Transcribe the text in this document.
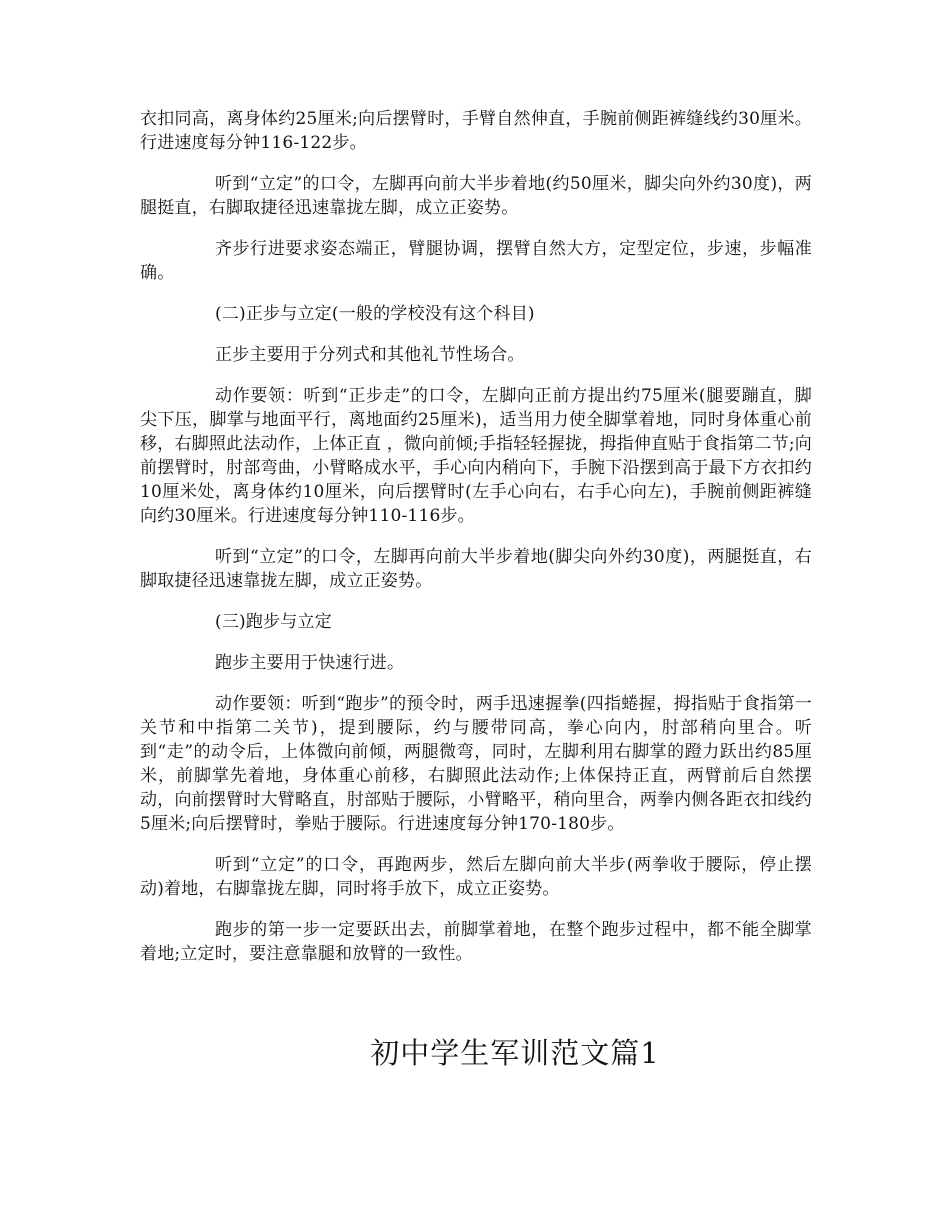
衣扣同高，离身体约25厘米;向后摆臂时，手臂自然伸直，手腕前侧距裤缝线约30厘米。行进速度每分钟116-122步。

听到“立定”的口令，左脚再向前大半步着地(约50厘米，脚尖向外约30度)，两腿挺直，右脚取捷径迅速靠拢左脚，成立正姿势。

齐步行进要求姿态端正，臂腿协调，摆臂自然大方，定型定位，步速，步幅准确。

(二)正步与立定(一般的学校没有这个科目)

正步主要用于分列式和其他礼节性场合。

动作要领：听到“正步走”的口令，左脚向正前方提出约75厘米(腿要蹦直，脚尖下压，脚掌与地面平行，离地面约25厘米)，适当用力使全脚掌着地，同时身体重心前移，右脚照此法动作，上体正直 ，微向前倾;手指轻轻握拢，拇指伸直贴于食指第二节;向前摆臂时，肘部弯曲，小臂略成水平，手心向内稍向下，手腕下沿摆到高于最下方衣扣约10厘米处，离身体约10厘米，向后摆臂时(左手心向右，右手心向左)，手腕前侧距裤缝向约30厘米。行进速度每分钟110-116步。

听到“立定”的口令，左脚再向前大半步着地(脚尖向外约30度)，两腿挺直，右脚取捷径迅速靠拢左脚，成立正姿势。

(三)跑步与立定

跑步主要用于快速行进。

动作要领：听到“跑步”的预令时，两手迅速握拳(四指蜷握，拇指贴于食指第一关节和中指第二关节)，提到腰际，约与腰带同高，拳心向内，肘部稍向里合。听到“走”的动令后，上体微向前倾，两腿微弯，同时，左脚利用右脚掌的蹬力跃出约85厘米，前脚掌先着地，身体重心前移，右脚照此法动作;上体保持正直，两臂前后自然摆动，向前摆臂时大臂略直，肘部贴于腰际，小臂略平，稍向里合，两拳内侧各距衣扣线约5厘米;向后摆臂时，拳贴于腰际。行进速度每分钟170-180步。

听到“立定”的口令，再跑两步，然后左脚向前大半步(两拳收于腰际，停止摆动)着地，右脚靠拢左脚，同时将手放下，成立正姿势。

跑步的第一步一定要跃出去，前脚掌着地，在整个跑步过程中，都不能全脚掌着地;立定时，要注意靠腿和放臂的一致性。

初中学生军训范文篇1
